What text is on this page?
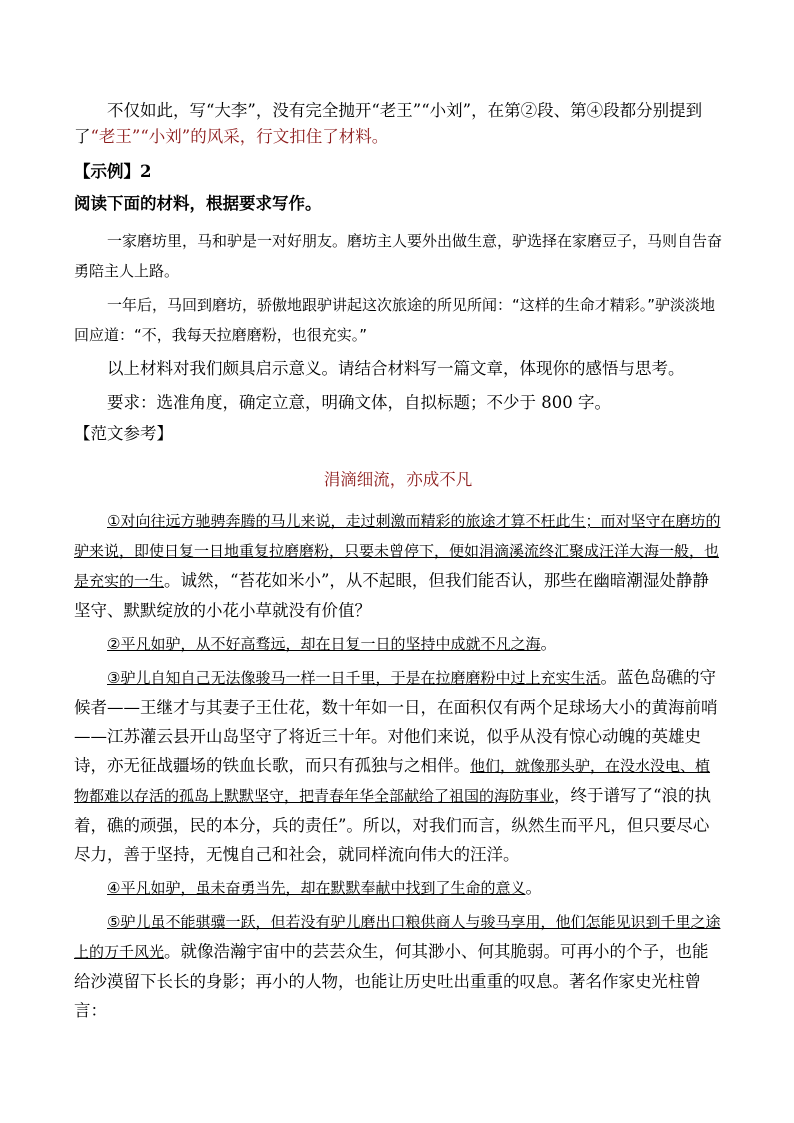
不仅如此，写“大李”，没有完全抛开“老王”“小刘”，在第②段、第④段都分别提到了“老王”“小刘”的风采，行文扣住了材料。
【示例】2
阅读下面的材料，根据要求写作。
一家磨坊里，马和驴是一对好朋友。磨坊主人要外出做生意，驴选择在家磨豆子，马则自告奋勇陪主人上路。
一年后，马回到磨坊，骄傲地跟驴讲起这次旅途的所见所闻：“这样的生命才精彩。”驴淡淡地回应道：“不，我每天拉磨磨粉，也很充实。”
以上材料对我们颇具启示意义。请结合材料写一篇文章，体现你的感悟与思考。
要求：选准角度，确定立意，明确文体，自拟标题；不少于 800 字。
【范文参考】
涓滴细流，亦成不凡
①对向往远方驰骋奔腾的马儿来说，走过刺激而精彩的旅途才算不枉此生；而对坚守在磨坊的驴来说，即使日复一日地重复拉磨磨粉，只要未曾停下，便如涓滴溪流终汇聚成汪洋大海一般，也是充实的一生。诚然，“苔花如米小”，从不起眼，但我们能否认，那些在幽暗潮湿处静静坚守、默默绽放的小花小草就没有价值？
②平凡如驴，从不好高骛远，却在日复一日的坚持中成就不凡之海。
③驴儿自知自己无法像骏马一样一日千里，于是在拉磨磨粉中过上充实生活。蓝色岛礁的守候者——王继才与其妻子王仕花，数十年如一日，在面积仅有两个足球场大小的黄海前哨——江苏灌云县开山岛坚守了将近三十年。对他们来说，似乎从没有惊心动魄的英雄史诗，亦无征战疆场的铁血长歌，而只有孤独与之相伴。他们，就像那头驴，在没水没电、植物都难以存活的孤岛上默默坚守，把青春年华全部献给了祖国的海防事业，终于谱写了“浪的执着，礁的顽强，民的本分，兵的责任”。所以，对我们而言，纵然生而平凡，但只要尽心尽力，善于坚持，无愧自己和社会，就同样流向伟大的汪洋。
④平凡如驴，虽未奋勇当先，却在默默奉献中找到了生命的意义。
⑤驴儿虽不能骐骥一跃，但若没有驴儿磨出口粮供商人与骏马享用，他们怎能见识到千里之途上的万千风光。就像浩瀚宇宙中的芸芸众生，何其渺小、何其脆弱。可再小的个子，也能给沙漠留下长长的身影；再小的人物，也能让历史吐出重重的叹息。著名作家史光柱曾言：
